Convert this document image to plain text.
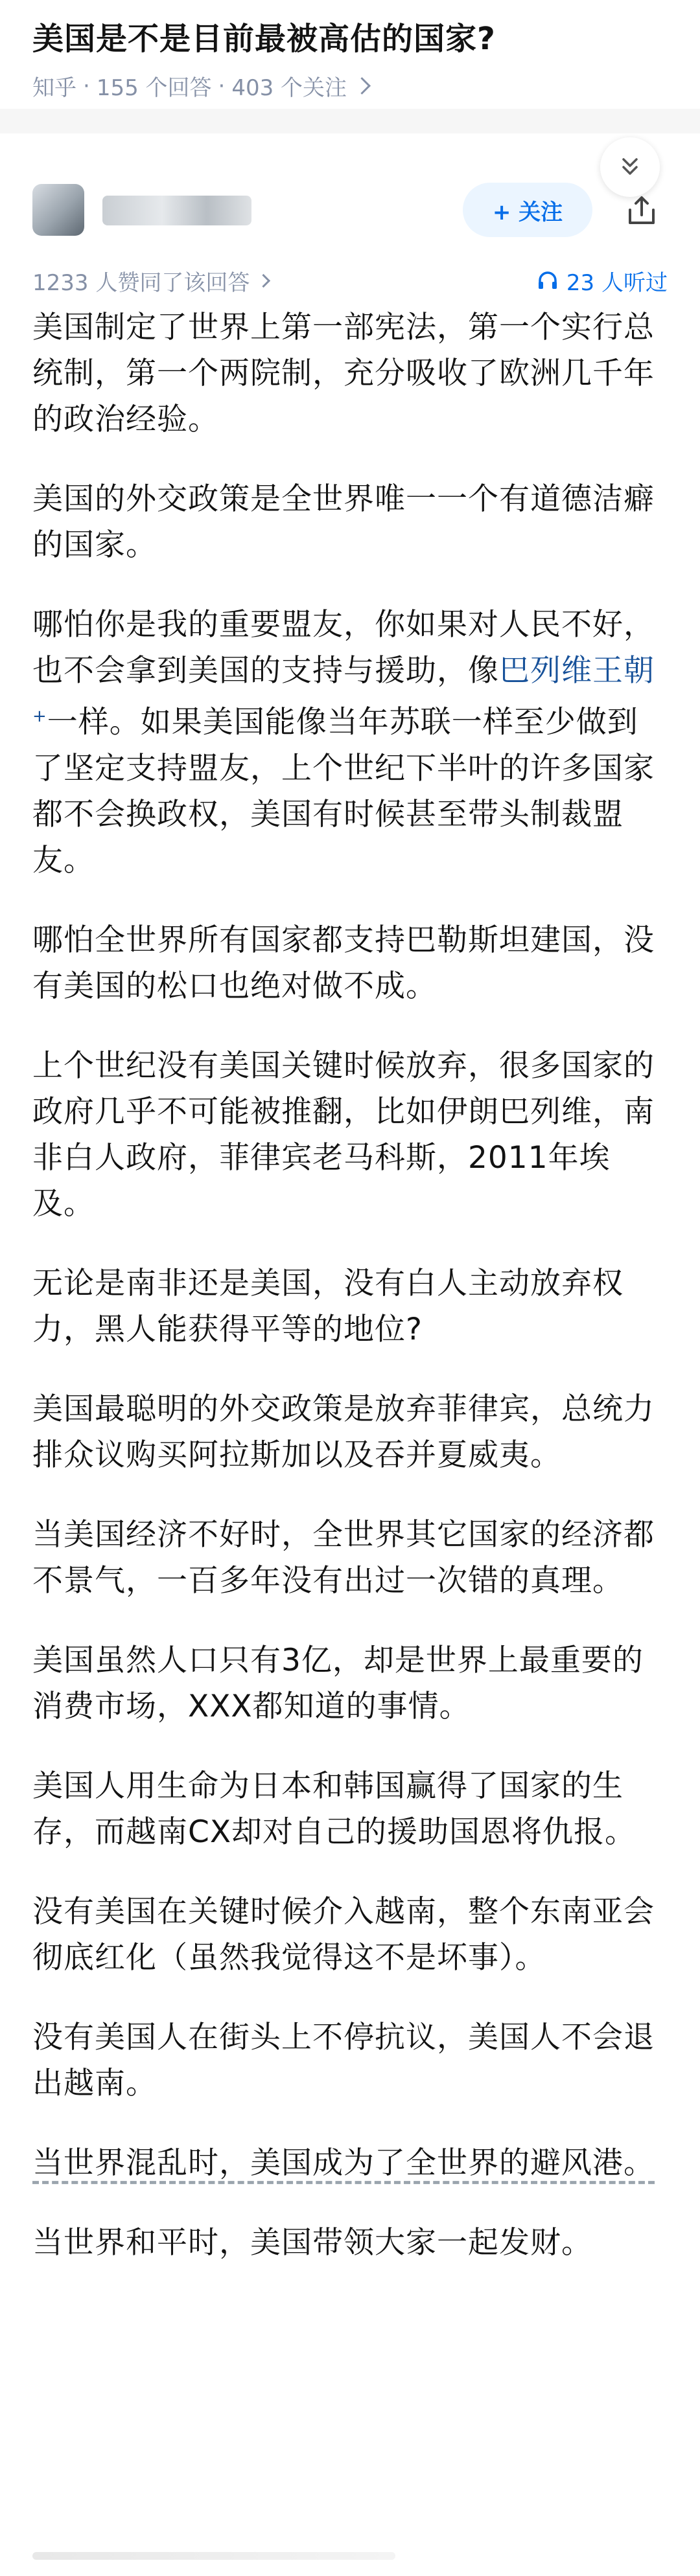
美国是不是目前最被高估的国家?
知乎 · 155 个回答 · 403 个关注
+ 关注
1233 人赞同了该回答	23 人听过

美国制定了世界上第一部宪法，第一个实行总统制，第一个两院制，充分吸收了欧洲几千年的政治经验。

美国的外交政策是全世界唯一一个有道德洁癖的国家。

哪怕你是我的重要盟友，你如果对人民不好，也不会拿到美国的支持与援助，像巴列维王朝+一样。如果美国能像当年苏联一样至少做到了坚定支持盟友，上个世纪下半叶的许多国家都不会换政权，美国有时候甚至带头制裁盟友。

哪怕全世界所有国家都支持巴勒斯坦建国，没有美国的松口也绝对做不成。

上个世纪没有美国关键时候放弃，很多国家的政府几乎不可能被推翻，比如伊朗巴列维，南非白人政府，菲律宾老马科斯，2011年埃及。

无论是南非还是美国，没有白人主动放弃权力，黑人能获得平等的地位?

美国最聪明的外交政策是放弃菲律宾，总统力排众议购买阿拉斯加以及吞并夏威夷。

当美国经济不好时，全世界其它国家的经济都不景气，一百多年没有出过一次错的真理。

美国虽然人口只有3亿，却是世界上最重要的消费市场，XXX都知道的事情。

美国人用生命为日本和韩国赢得了国家的生存，而越南CX却对自己的援助国恩将仇报。

没有美国在关键时候介入越南，整个东南亚会彻底红化（虽然我觉得这不是坏事）。

没有美国人在街头上不停抗议，美国人不会退出越南。

当世界混乱时，美国成为了全世界的避风港。

当世界和平时，美国带领大家一起发财。
